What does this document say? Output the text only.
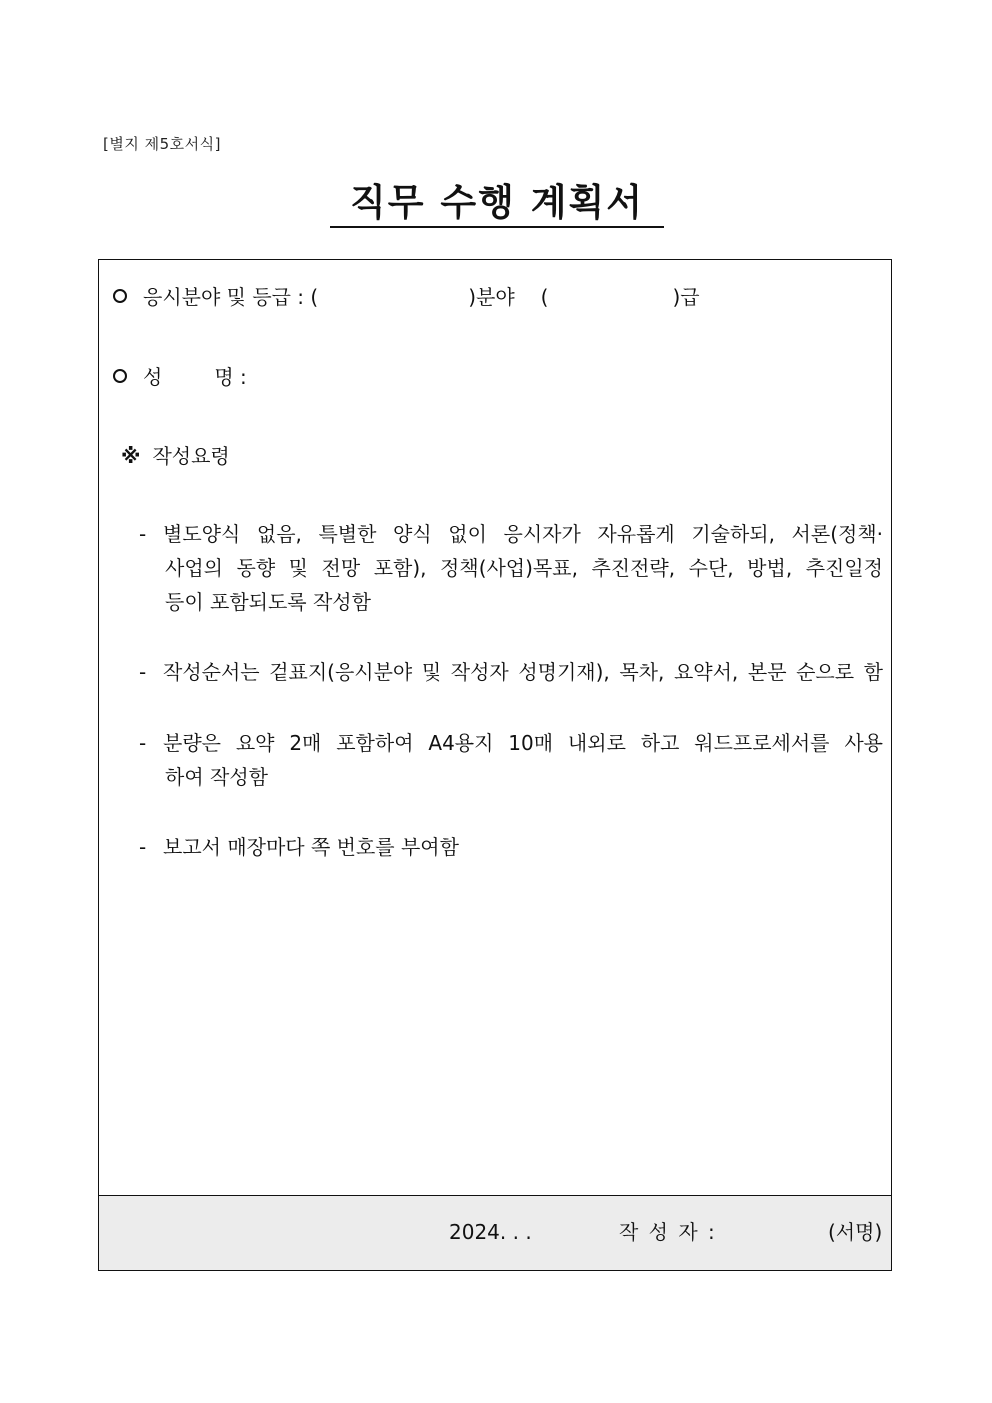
[별지 제5호서식]
직무 수행 계획서
응시분야 및 등급 : (	)분야 (	)급
성	명 :
※ 작성요령
- 별도양식 없음, 특별한 양식 없이 응시자가 자유롭게 기술하되, 서론(정책·
사업의 동향 및 전망 포함), 정책(사업)목표, 추진전략, 수단, 방법, 추진일정
등이 포함되도록 작성함
- 작성순서는 겉표지(응시분야 및 작성자 성명기재), 목차, 요약서, 본문 순으로 함
- 분량은 요약 2매 포함하여 A4용지 10매 내외로 하고 워드프로세서를 사용
하여 작성함
- 보고서 매장마다 쪽 번호를 부여함
2024. . .	작 성 자 :	(서명)
